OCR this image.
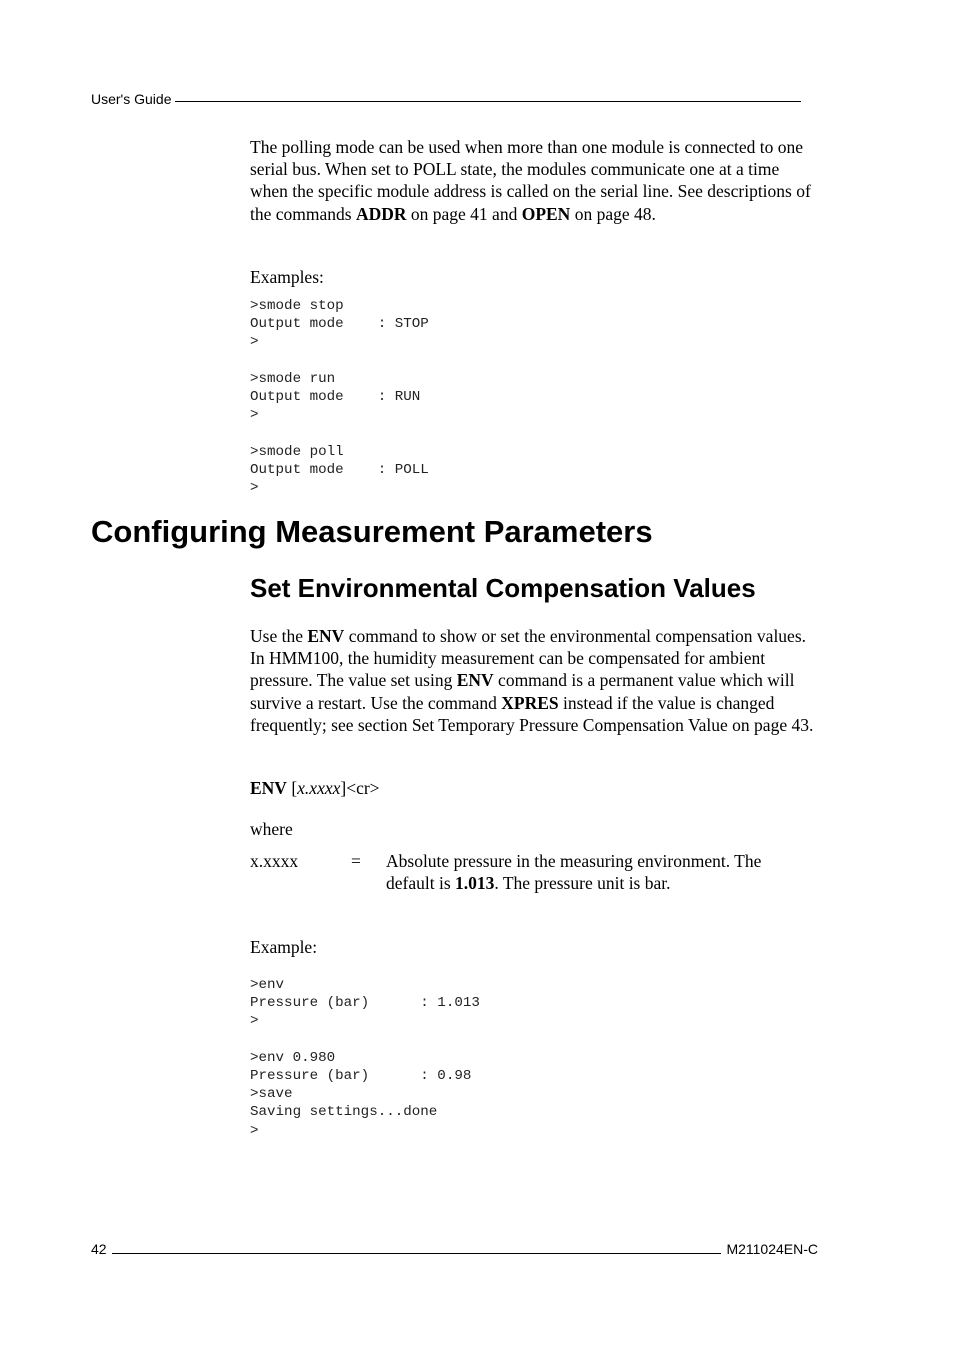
User's Guide
The polling mode can be used when more than one module is connected to one serial bus. When set to POLL state, the modules communicate one at a time when the specific module address is called on the serial line. See descriptions of the commands ADDR on page 41 and OPEN on page 48.
Examples:
>smode stop
Output mode    : STOP
>

>smode run
Output mode    : RUN
>

>smode poll
Output mode    : POLL
>
Configuring Measurement Parameters
Set Environmental Compensation Values
Use the ENV command to show or set the environmental compensation values. In HMM100, the humidity measurement can be compensated for ambient pressure. The value set using ENV command is a permanent value which will survive a restart. Use the command XPRES instead if the value is changed frequently; see section Set Temporary Pressure Compensation Value on page 43.
ENV [x.xxxx]<cr>
where
x.xxxx	= Absolute pressure in the measuring environment. The default is 1.013. The pressure unit is bar.
Example:
>env
Pressure (bar)      : 1.013
>

>env 0.980
Pressure (bar)      : 0.98
>save
Saving settings...done
>
42	M211024EN-C
